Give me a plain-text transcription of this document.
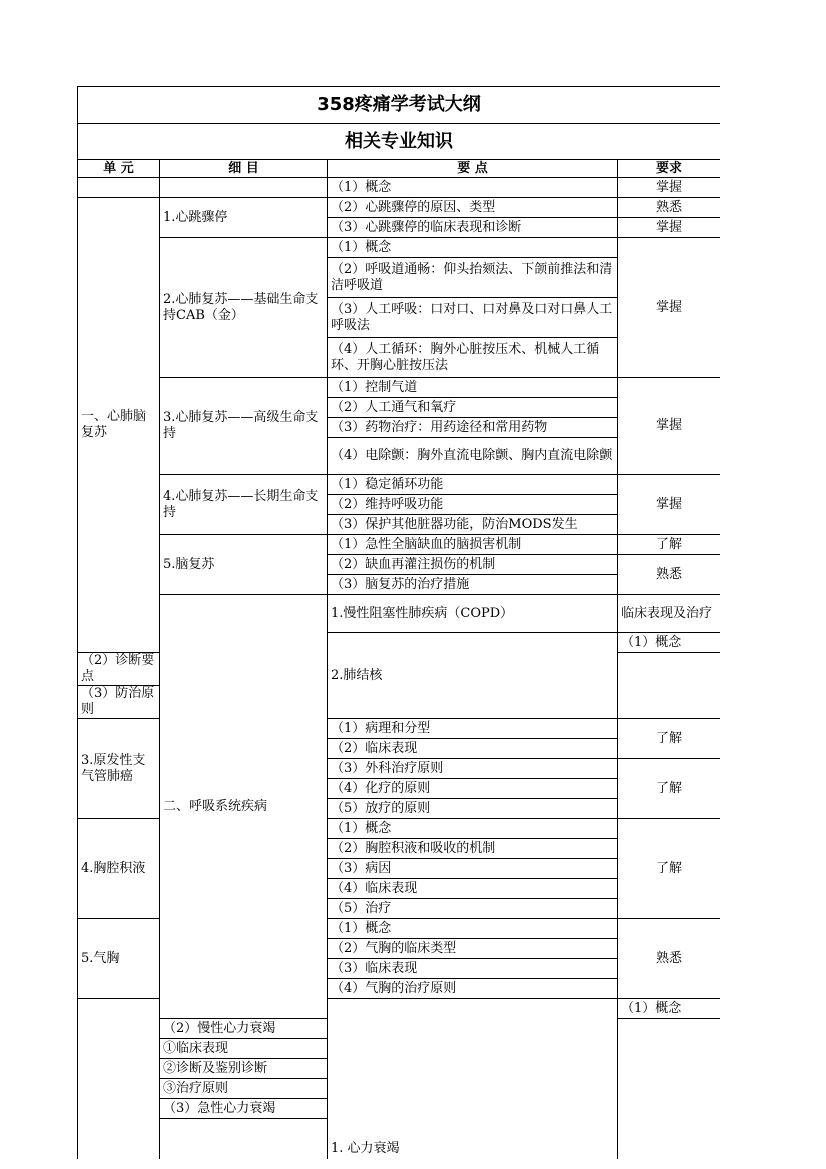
358疼痛学考试大纲				
相关专业知识				
单 元	细 目	要 点	要求	
		（1）概念	掌握	
一、心肺脑复苏	1.心跳骤停	（2）心跳骤停的原因、类型	熟悉	
		（3）心跳骤停的临床表现和诊断	掌握	
	2.心肺复苏——基础生命支持CAB（金）	（1）概念	掌握	
		（2）呼吸道通畅：仰头抬颏法、下颌前推法和清洁呼吸道		
		（3）人工呼吸：口对口、口对鼻及口对口鼻人工呼吸法		
		（4）人工循环：胸外心脏按压术、机械人工循环、开胸心脏按压法		
	3.心肺复苏——高级生命支持	（1）控制气道	掌握	
		（2）人工通气和氧疗		
		（3）药物治疗：用药途径和常用药物		
		（4）电除颤：胸外直流电除颤、胸内直流电除颤		
	4.心肺复苏——长期生命支持	（1）稳定循环功能	掌握	
		（2）维持呼吸功能		
		（3）保护其他脏器功能，防治MODS发生		
	5.脑复苏	（1）急性全脑缺血的脑损害机制	了解	
		（2）缺血再灌注损伤的机制	熟悉	
		（3）脑复苏的治疗措施		
	二、呼吸系统疾病	1.慢性阻塞性肺疾病（COPD）	临床表现及治疗	
		2.肺结核	（1）概念	
（2）诊断要点				
（3）防治原则				
3.原发性支气管肺癌		（1）病理和分型	了解	
		（2）临床表现		
		（3）外科治疗原则	了解	
		（4）化疗的原则		
		（5）放疗的原则		
4.胸腔积液		（1）概念	了解	
		（2）胸腔积液和吸收的机制		
		（3）病因		
		（4）临床表现		
		（5）治疗		
5.气胸		（1）概念	熟悉	
		（2）气胸的临床类型		
		（3）临床表现		
		（4）气胸的治疗原则		
		1. 心力衰竭	（1）概念	
	（2）慢性心力衰竭			
	①临床表现			
	②诊断及鉴别诊断			
	③治疗原则			
	（3）急性心力衰竭			
